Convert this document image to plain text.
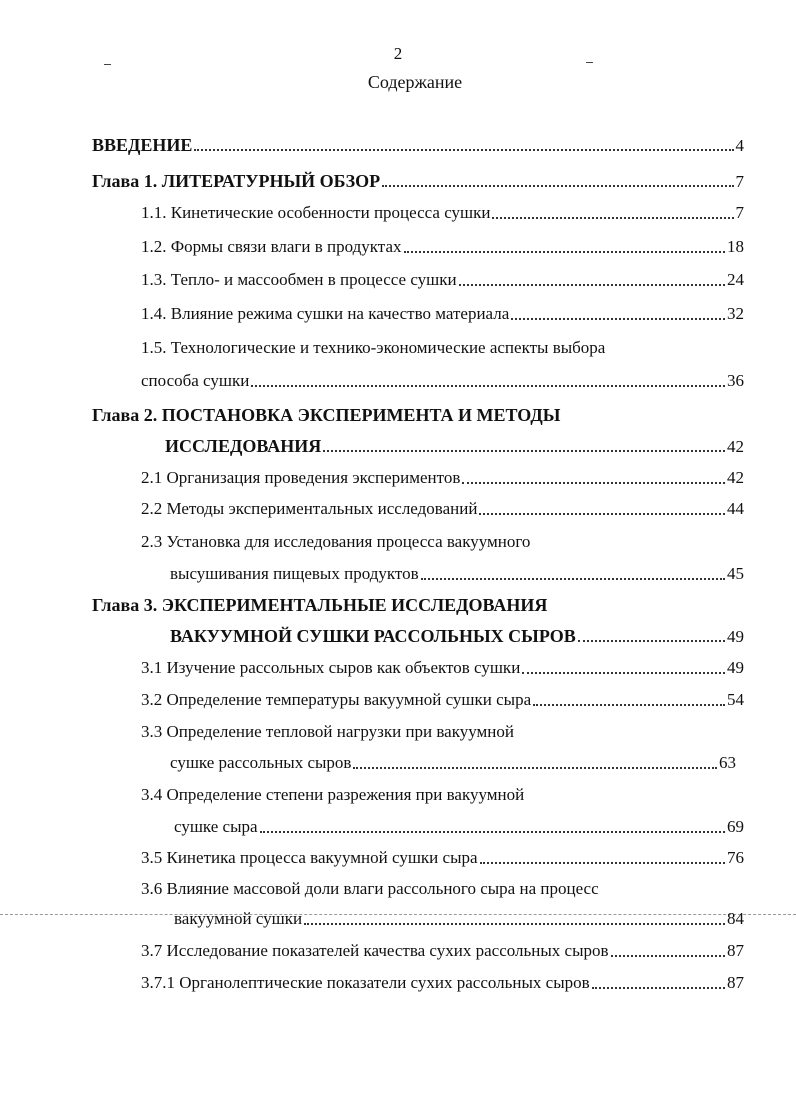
2
Содержание
ВВЕДЕНИЕ	4
Глава 1. ЛИТЕРАТУРНЫЙ ОБЗОР	7
1.1. Кинетические особенности процесса сушки	7
1.2. Формы связи влаги в продуктах	18
1.3. Тепло- и массообмен в процессе сушки	24
1.4. Влияние режима сушки на качество материала	32
1.5. Технологические и технико-экономические аспекты выбора
способа сушки	36
Глава 2. ПОСТАНОВКА ЭКСПЕРИМЕНТА И МЕТОДЫ
ИССЛЕДОВАНИЯ	42
2.1 Организация проведения экспериментов	42
2.2 Методы экспериментальных исследований	44
2.3 Установка для исследования процесса вакуумного
высушивания пищевых продуктов	45
Глава 3. ЭКСПЕРИМЕНТАЛЬНЫЕ ИССЛЕДОВАНИЯ
ВАКУУМНОЙ СУШКИ РАССОЛЬНЫХ СЫРОВ	49
3.1 Изучение рассольных сыров как объектов сушки	49
3.2 Определение температуры вакуумной сушки сыра	54
3.3 Определение тепловой нагрузки при вакуумной
сушке рассольных сыров	63
3.4 Определение степени разрежения при вакуумной
сушке сыра	69
3.5 Кинетика процесса вакуумной сушки сыра	76
3.6 Влияние массовой доли влаги рассольного сыра на процесс
вакуумной сушки	84
3.7 Исследование показателей качества сухих рассольных сыров	87
3.7.1 Органолептические показатели сухих рассольных сыров	87
